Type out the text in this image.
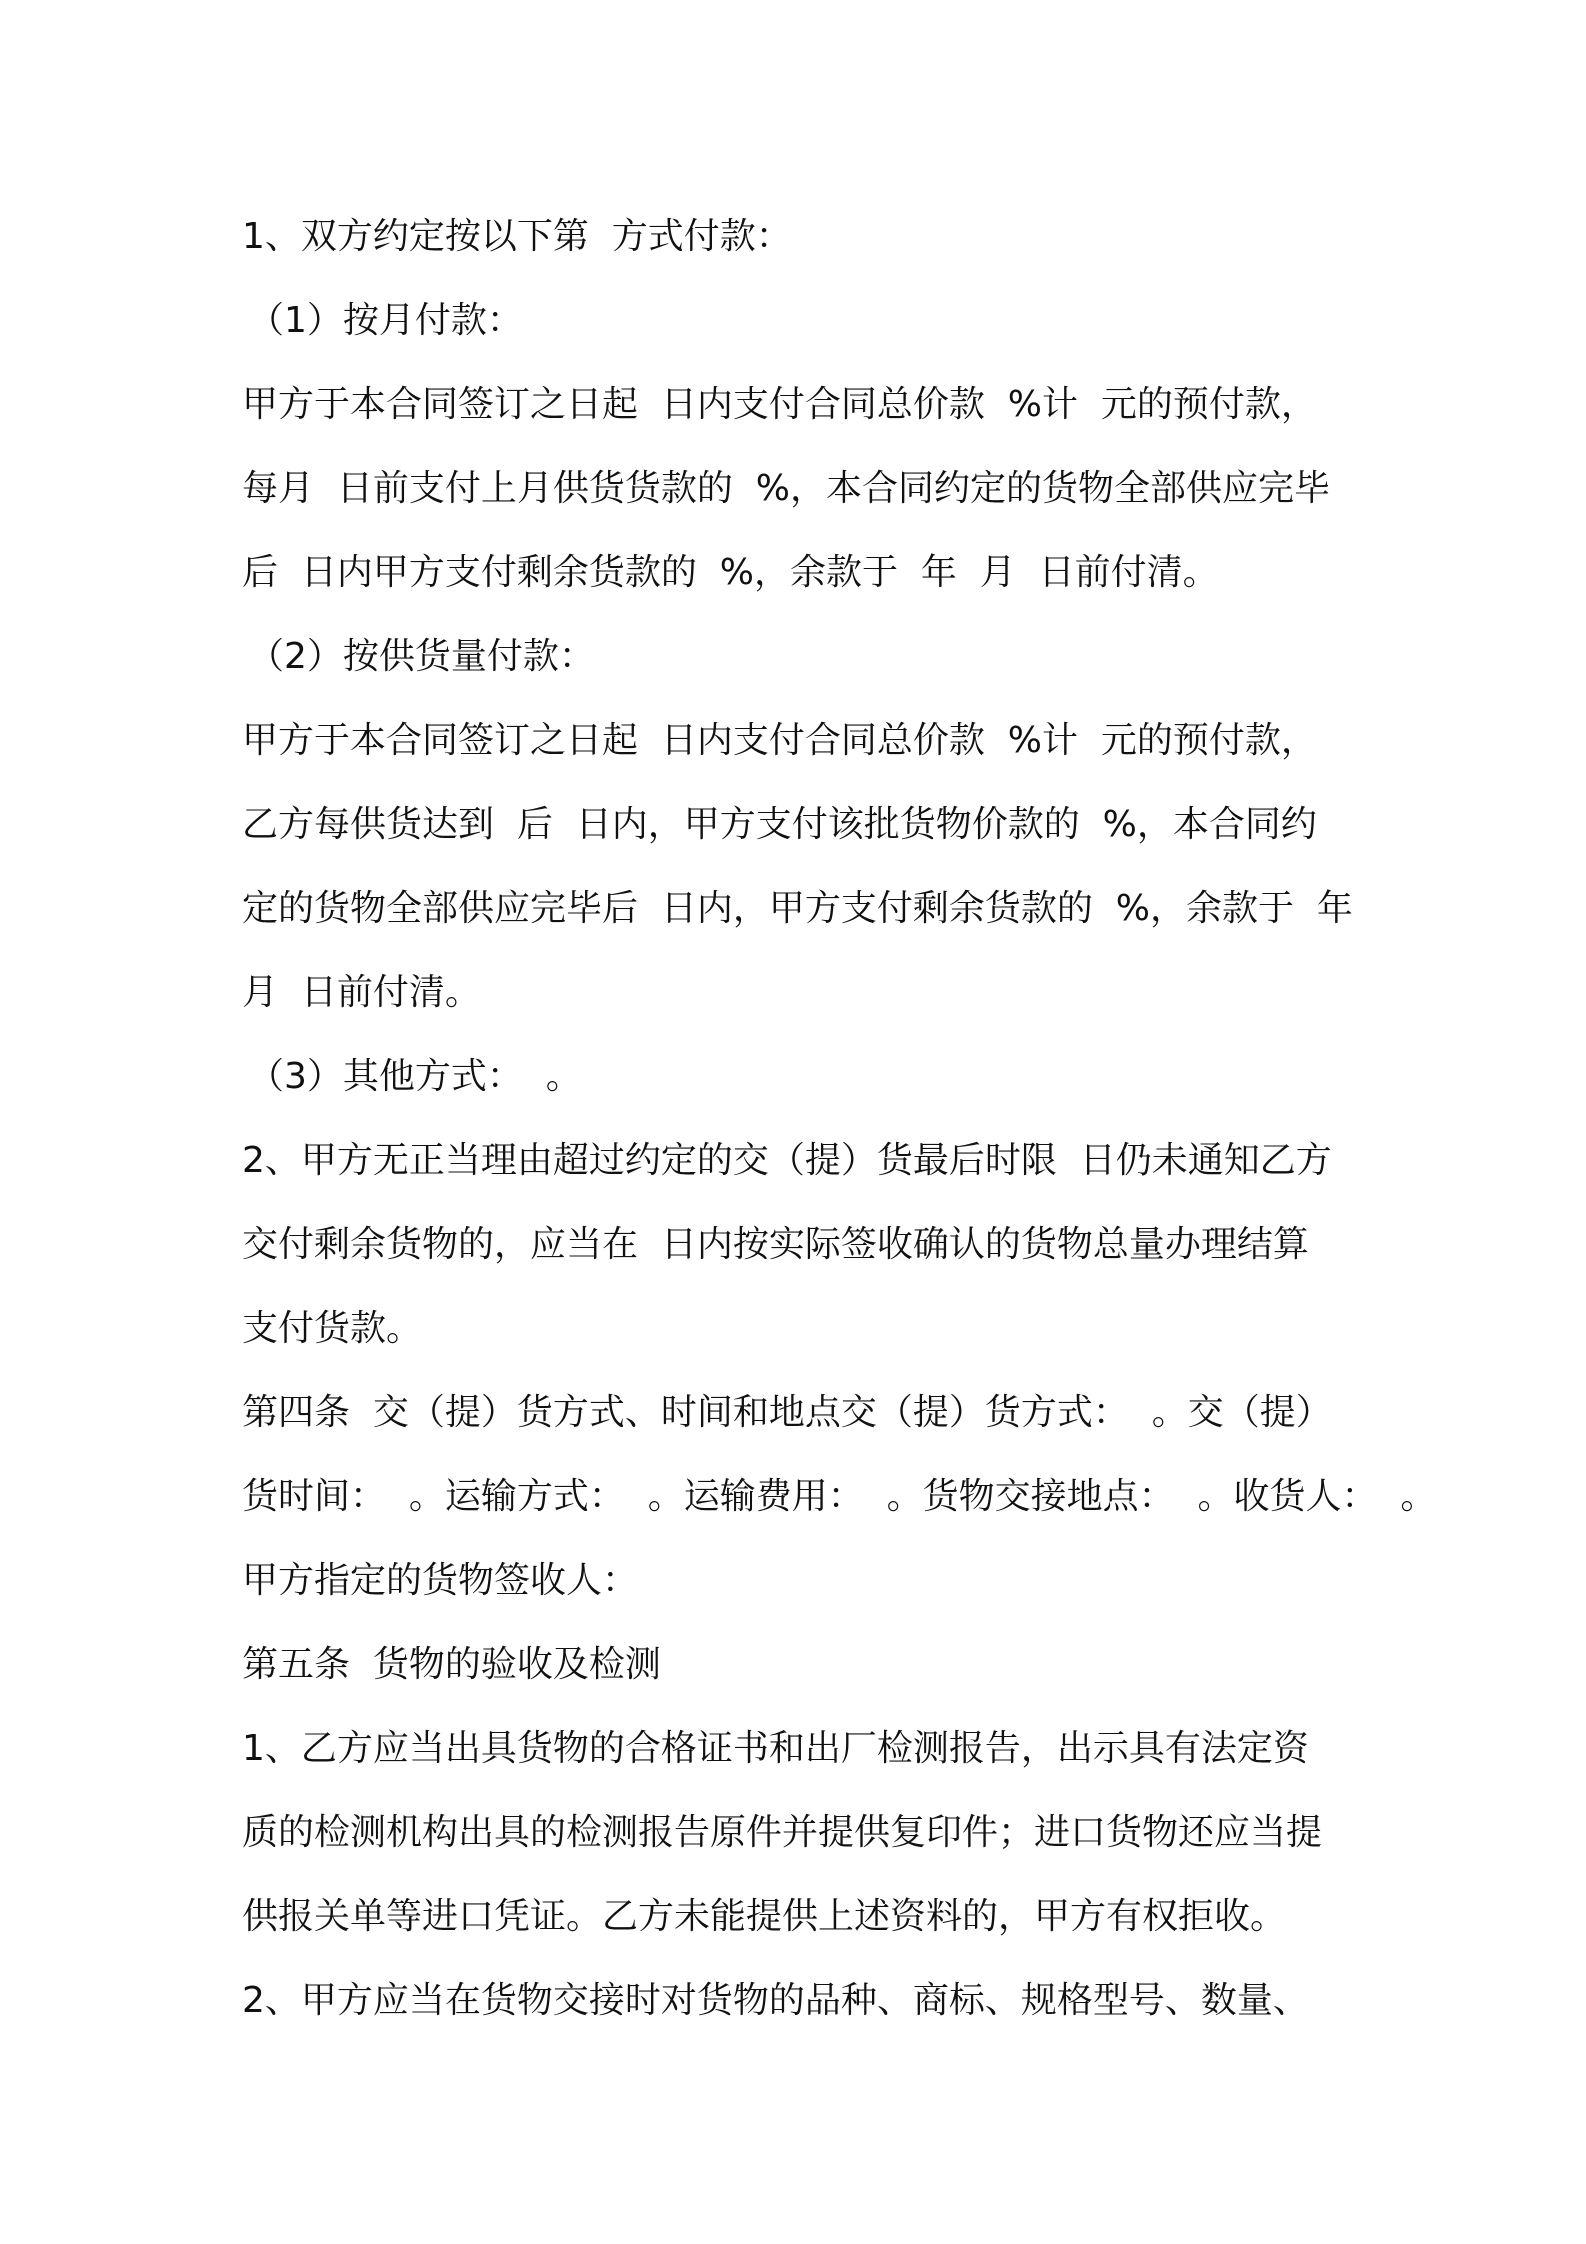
1、双方约定按以下第  方式付款：
（1）按月付款：
甲方于本合同签订之日起  日内支付合同总价款  %计  元的预付款，
每月  日前支付上月供货货款的  %，本合同约定的货物全部供应完毕
后  日内甲方支付剩余货款的  %，余款于  年  月  日前付清。
（2）按供货量付款：
甲方于本合同签订之日起  日内支付合同总价款  %计  元的预付款，
乙方每供货达到  后  日内，甲方支付该批货物价款的  %，本合同约
定的货物全部供应完毕后  日内，甲方支付剩余货款的  %，余款于  年
月  日前付清。
（3）其他方式：  。
2、甲方无正当理由超过约定的交（提）货最后时限  日仍未通知乙方
交付剩余货物的，应当在  日内按实际签收确认的货物总量办理结算
支付货款。
第四条  交（提）货方式、时间和地点交（提）货方式：  。交（提）
货时间：  。运输方式：  。运输费用：  。货物交接地点：  。收货人：  。
甲方指定的货物签收人：
第五条  货物的验收及检测
1、乙方应当出具货物的合格证书和出厂检测报告，出示具有法定资
质的检测机构出具的检测报告原件并提供复印件；进口货物还应当提
供报关单等进口凭证。乙方未能提供上述资料的，甲方有权拒收。
2、甲方应当在货物交接时对货物的品种、商标、规格型号、数量、
